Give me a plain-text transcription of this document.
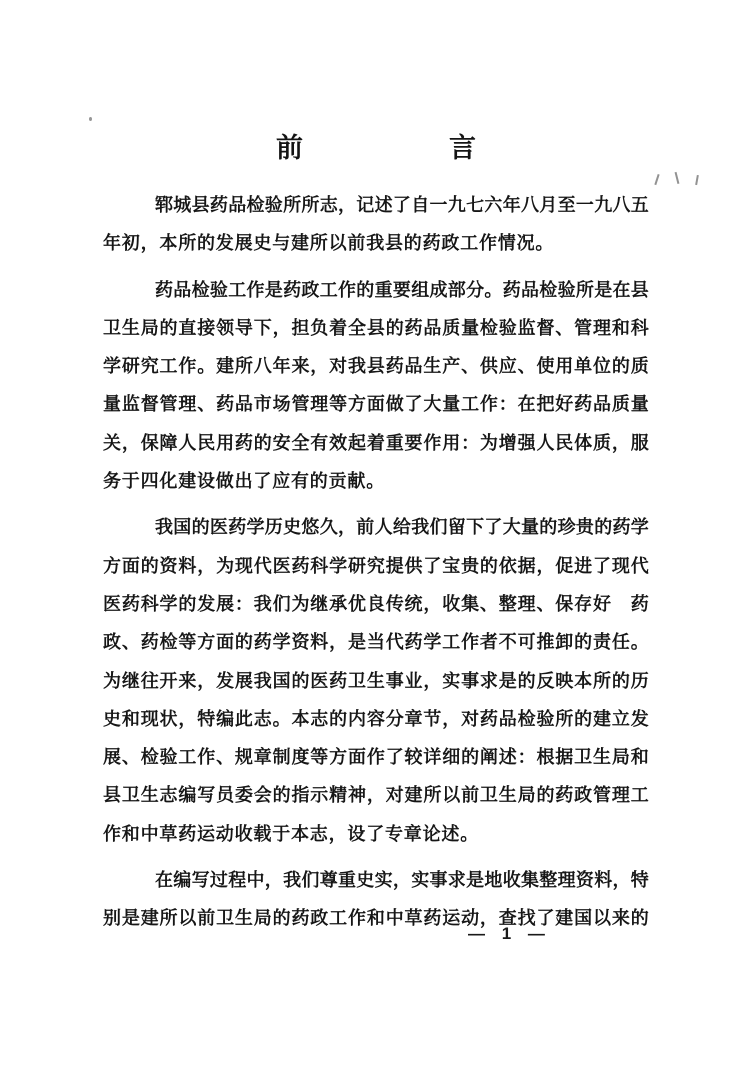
前	言
郓城县药品检验所所志，记述了自一九七六年八月至一九八五
年初，本所的发展史与建所以前我县的药政工作情况。
药品检验工作是药政工作的重要组成部分。药品检验所是在县
卫生局的直接领导下，担负着全县的药品质量检验监督、管理和科
学研究工作。建所八年来，对我县药品生产、供应、使用单位的质
量监督管理、药品市场管理等方面做了大量工作：在把好药品质量
关，保障人民用药的安全有效起着重要作用：为增强人民体质，服
务于四化建设做出了应有的贡献。
我国的医药学历史悠久，前人给我们留下了大量的珍贵的药学
方面的资料，为现代医药科学研究提供了宝贵的依据，促进了现代
医药科学的发展：我们为继承优良传统，收集、整理、保存好　药
政、药检等方面的药学资料，是当代药学工作者不可推卸的责任。
为继往开来，发展我国的医药卫生事业，实事求是的反映本所的历
史和现状，特编此志。本志的内容分章节，对药品检验所的建立发
展、检验工作、规章制度等方面作了较详细的阐述：根据卫生局和
县卫生志编写员委会的指示精神，对建所以前卫生局的药政管理工
作和中草药运动收载于本志，设了专章论述。
在编写过程中，我们尊重史实，实事求是地收集整理资料，特
别是建所以前卫生局的药政工作和中草药运动，查找了建国以来的
— 1 —
